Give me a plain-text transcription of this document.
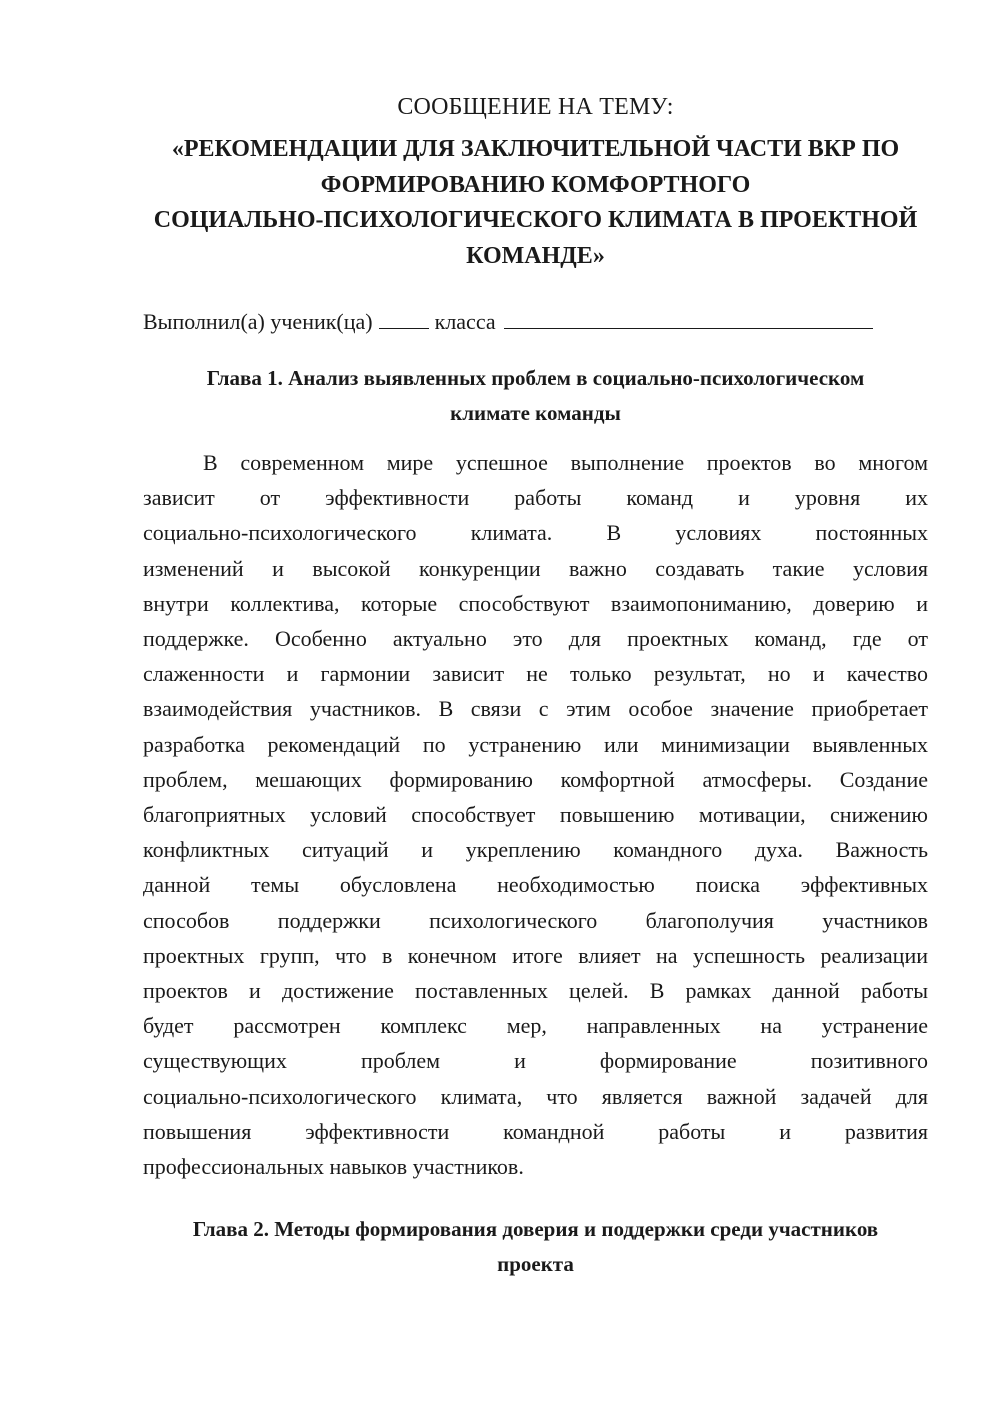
СООБЩЕНИЕ НА ТЕМУ:
«РЕКОМЕНДАЦИИ ДЛЯ ЗАКЛЮЧИТЕЛЬНОЙ ЧАСТИ ВКР ПО
ФОРМИРОВАНИЮ КОМФОРТНОГО
СОЦИАЛЬНО-ПСИХОЛОГИЧЕСКОГО КЛИМАТА В ПРОЕКТНОЙ
КОМАНДЕ»
Выполнил(а) ученик(ца)	класса
Глава 1. Анализ выявленных проблем в социально-психологическом
климате команды
В современном мире успешное выполнение проектов во многом
зависит от эффективности работы команд и уровня их
социально-психологического климата. В условиях постоянных
изменений и высокой конкуренции важно создавать такие условия
внутри коллектива, которые способствуют взаимопониманию, доверию и
поддержке. Особенно актуально это для проектных команд, где от
слаженности и гармонии зависит не только результат, но и качество
взаимодействия участников. В связи с этим особое значение приобретает
разработка рекомендаций по устранению или минимизации выявленных
проблем, мешающих формированию комфортной атмосферы. Создание
благоприятных условий способствует повышению мотивации, снижению
конфликтных ситуаций и укреплению командного духа. Важность
данной темы обусловлена необходимостью поиска эффективных
способов поддержки психологического благополучия участников
проектных групп, что в конечном итоге влияет на успешность реализации
проектов и достижение поставленных целей. В рамках данной работы
будет рассмотрен комплекс мер, направленных на устранение
существующих проблем и формирование позитивного
социально-психологического климата, что является важной задачей для
повышения эффективности командной работы и развития
профессиональных навыков участников.
Глава 2. Методы формирования доверия и поддержки среди участников
проекта
